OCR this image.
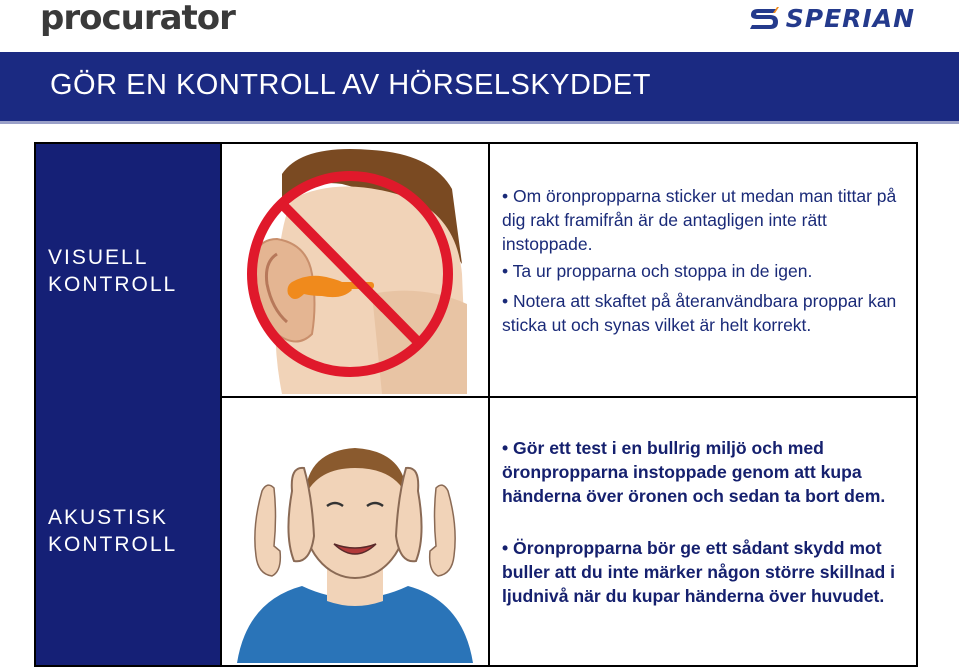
procurator	SPERIAN
GÖR EN KONTROLL AV HÖRSELSKYDDET
VISUELL
KONTROLL

• Om öronpropparna sticker ut medan man tittar på dig rakt framifrån är de antagligen inte rätt instoppade.

• Ta ur propparna och stoppa in de igen.

• Notera att skaftet på återanvändbara proppar kan sticka ut och synas vilket är helt korrekt.

AKUSTISK
KONTROLL

• Gör ett test i en bullrig miljö och med öronpropparna instoppade genom att kupa händerna över öronen och sedan ta bort dem.

• Öronpropparna bör ge ett sådant skydd mot buller att du inte märker någon större skillnad i ljudnivå när du kupar händerna över huvudet.
